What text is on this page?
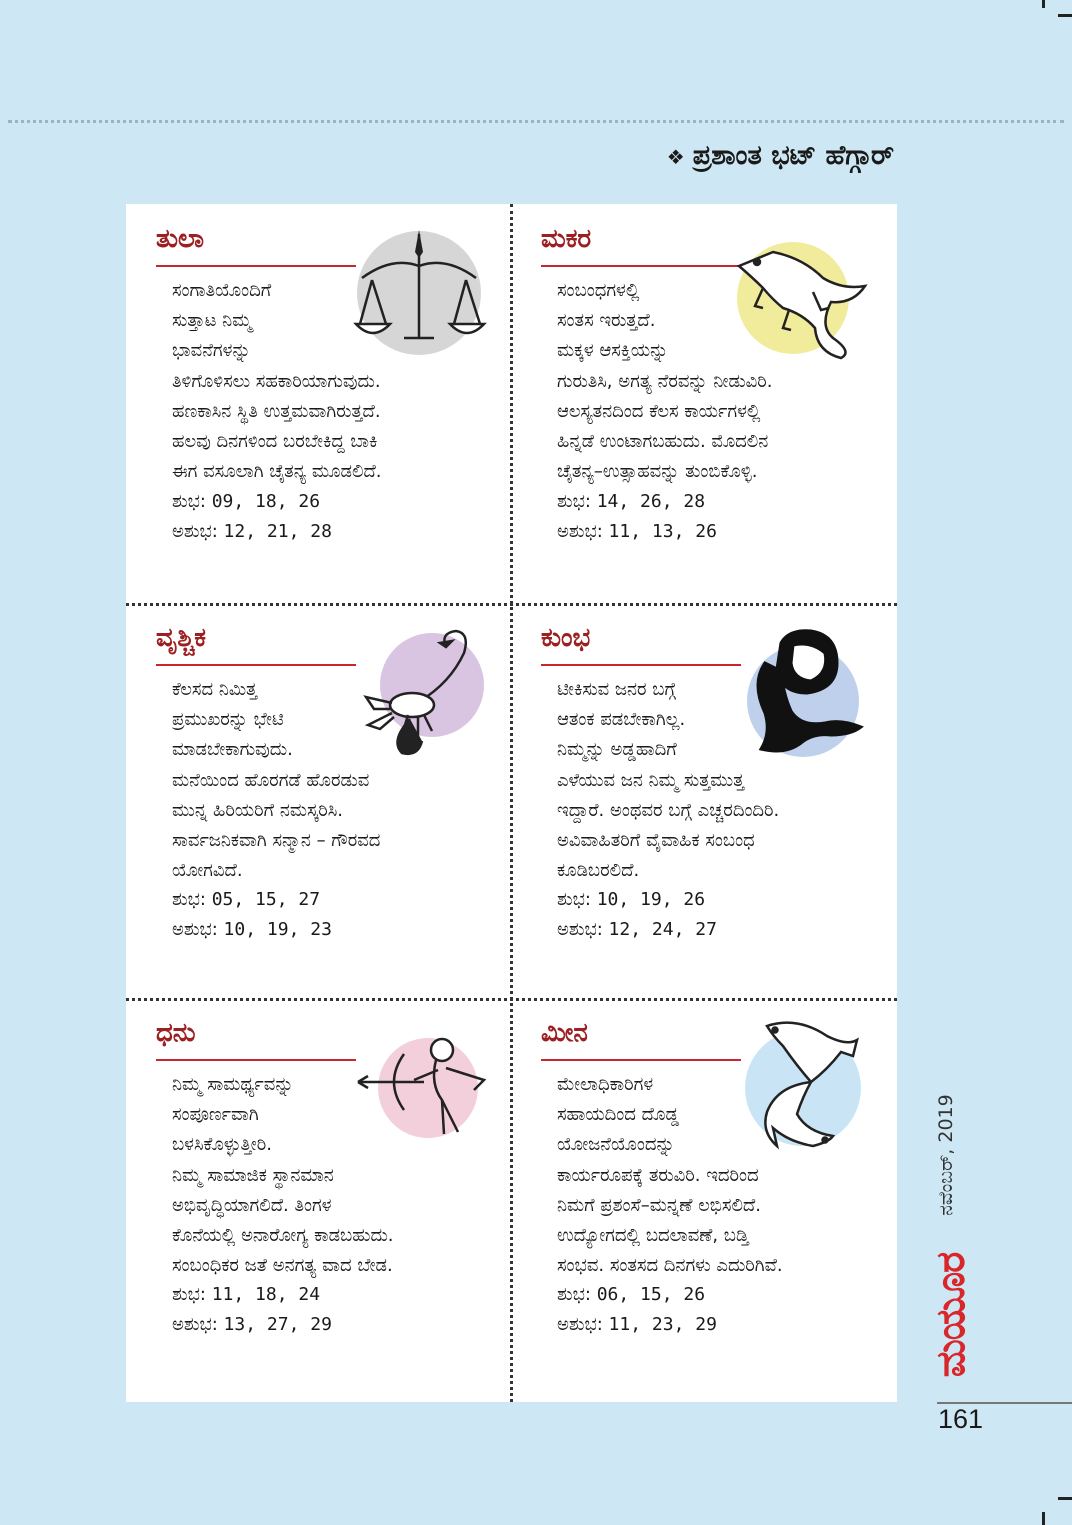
❖ ಪ್ರಶಾಂತ ಭಟ್ ಹೆಗ್ಗಾರ್
ತುಲಾ
ಸಂಗಾತಿಯೊಂದಿಗೆ
ಸುತ್ತಾಟ ನಿಮ್ಮ
ಭಾವನೆಗಳನ್ನು
ತಿಳಿಗೊಳಿಸಲು ಸಹಕಾರಿಯಾಗುವುದು.
ಹಣಕಾಸಿನ ಸ್ಥಿತಿ ಉತ್ತಮವಾಗಿರುತ್ತದೆ.
ಹಲವು ದಿನಗಳಿಂದ ಬರಬೇಕಿದ್ದ ಬಾಕಿ
ಈಗ ವಸೂಲಾಗಿ ಚೈತನ್ಯ ಮೂಡಲಿದೆ.
ಶುಭ: 09, 18, 26
ಅಶುಭ: 12, 21, 28
ಮಕರ
ಸಂಬಂಧಗಳಲ್ಲಿ
ಸಂತಸ ಇರುತ್ತದೆ.
ಮಕ್ಕಳ ಆಸಕ್ತಿಯನ್ನು
ಗುರುತಿಸಿ, ಅಗತ್ಯ ನೆರವನ್ನು ನೀಡುವಿರಿ.
ಆಲಸ್ಯತನದಿಂದ ಕೆಲಸ ಕಾರ್ಯಗಳಲ್ಲಿ
ಹಿನ್ನಡೆ ಉಂಟಾಗಬಹುದು. ಮೊದಲಿನ
ಚೈತನ್ಯ–ಉತ್ಸಾಹವನ್ನು ತುಂಬಿಕೊಳ್ಳಿ.
ಶುಭ: 14, 26, 28
ಅಶುಭ: 11, 13, 26
ವೃಶ್ಚಿಕ
ಕೆಲಸದ ನಿಮಿತ್ತ
ಪ್ರಮುಖರನ್ನು ಭೇಟಿ
ಮಾಡಬೇಕಾಗುವುದು.
ಮನೆಯಿಂದ ಹೊರಗಡೆ ಹೊರಡುವ
ಮುನ್ನ ಹಿರಿಯರಿಗೆ ನಮಸ್ಕರಿಸಿ.
ಸಾರ್ವಜನಿಕವಾಗಿ ಸನ್ಮಾನ – ಗೌರವದ
ಯೋಗವಿದೆ.
ಶುಭ: 05, 15, 27
ಅಶುಭ: 10, 19, 23
ಕುಂಭ
ಟೀಕಿಸುವ ಜನರ ಬಗ್ಗೆ
ಆತಂಕ ಪಡಬೇಕಾಗಿಲ್ಲ.
ನಿಮ್ಮನ್ನು ಅಡ್ಡಹಾದಿಗೆ
ಎಳೆಯುವ ಜನ ನಿಮ್ಮ ಸುತ್ತಮುತ್ತ
ಇದ್ದಾರೆ. ಅಂಥವರ ಬಗ್ಗೆ ಎಚ್ಚರದಿಂದಿರಿ.
ಅವಿವಾಹಿತರಿಗೆ ವೈವಾಹಿಕ ಸಂಬಂಧ
ಕೂಡಿಬರಲಿದೆ.
ಶುಭ: 10, 19, 26
ಅಶುಭ: 12, 24, 27
ಧನು
ನಿಮ್ಮ ಸಾಮರ್ಥ್ಯವನ್ನು
ಸಂಪೂರ್ಣವಾಗಿ
ಬಳಸಿಕೊಳ್ಳುತ್ತೀರಿ.
ನಿಮ್ಮ ಸಾಮಾಜಿಕ ಸ್ಥಾನಮಾನ
ಅಭಿವೃದ್ಧಿಯಾಗಲಿದೆ. ತಿಂಗಳ
ಕೊನೆಯಲ್ಲಿ ಅನಾರೋಗ್ಯ ಕಾಡಬಹುದು.
ಸಂಬಂಧಿಕರ ಜತೆ ಅನಗತ್ಯ ವಾದ ಬೇಡ.
ಶುಭ: 11, 18, 24
ಅಶುಭ: 13, 27, 29
ಮೀನ
ಮೇಲಾಧಿಕಾರಿಗಳ
ಸಹಾಯದಿಂದ ದೊಡ್ಡ
ಯೋಜನೆಯೊಂದನ್ನು
ಕಾರ್ಯರೂಪಕ್ಕೆ ತರುವಿರಿ. ಇದರಿಂದ
ನಿಮಗೆ ಪ್ರಶಂಸೆ–ಮನ್ನಣೆ ಲಭಿಸಲಿದೆ.
ಉದ್ಯೋಗದಲ್ಲಿ ಬದಲಾವಣೆ, ಬಡ್ತಿ
ಸಂಭವ. ಸಂತಸದ ದಿನಗಳು ಎದುರಿಗಿವೆ.
ಶುಭ: 06, 15, 26
ಅಶುಭ: 11, 23, 29
ನವೆಂಬರ್, 2019
ಮಯೂರ
161
